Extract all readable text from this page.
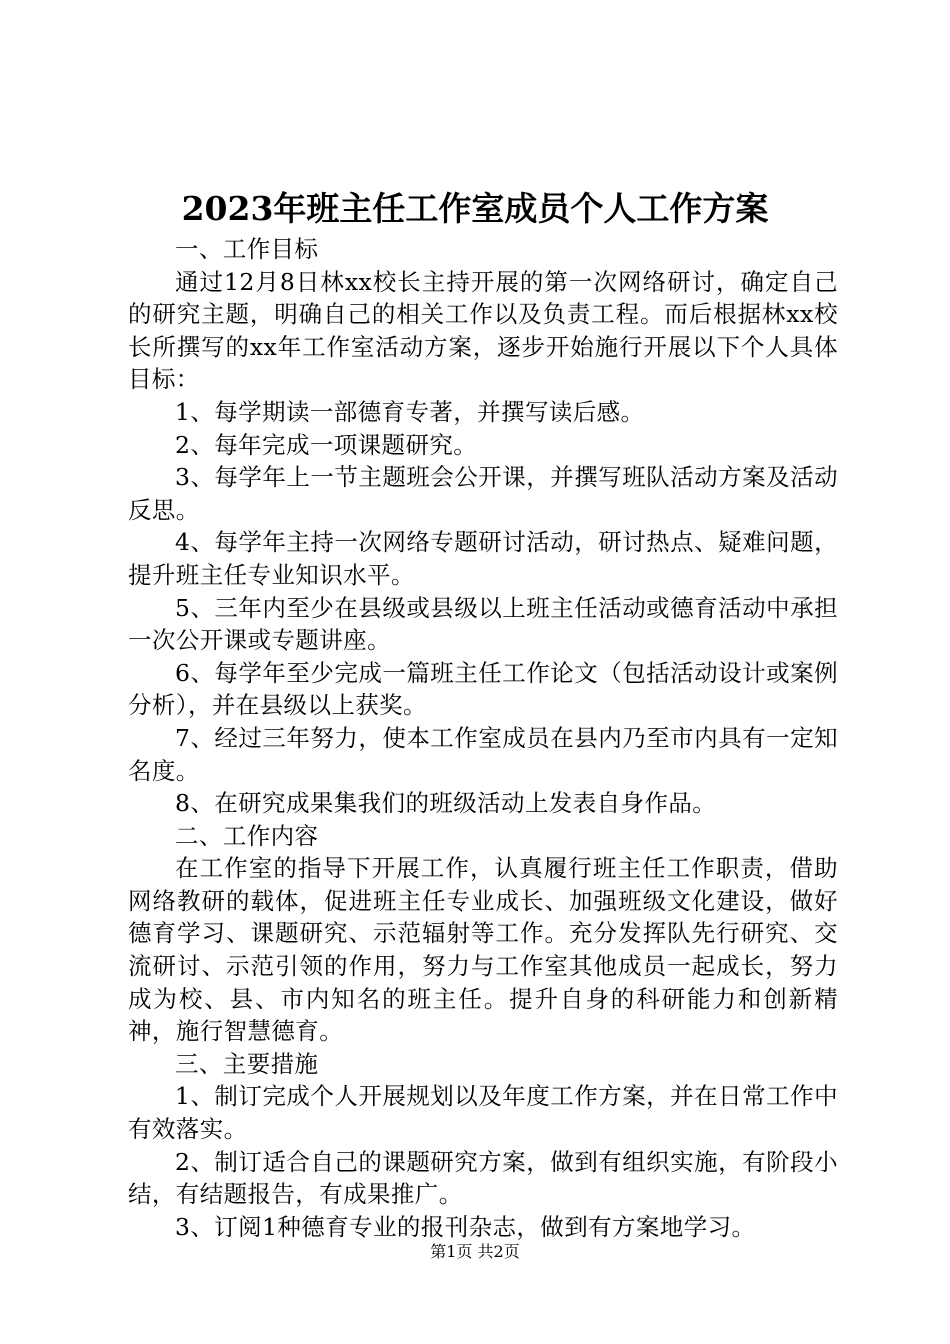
2023年班主任工作室成员个人工作方案

一、工作目标

通过12月8日林xx校长主持开展的第一次网络研讨，确定自己的研究主题，明确自己的相关工作以及负责工程。而后根据林xx校长所撰写的xx年工作室活动方案，逐步开始施行开展以下个人具体目标：

1、每学期读一部德育专著，并撰写读后感。

2、每年完成一项课题研究。

3、每学年上一节主题班会公开课，并撰写班队活动方案及活动反思。

4、每学年主持一次网络专题研讨活动，研讨热点、疑难问题，提升班主任专业知识水平。

5、三年内至少在县级或县级以上班主任活动或德育活动中承担一次公开课或专题讲座。

6、每学年至少完成一篇班主任工作论文（包括活动设计或案例分析），并在县级以上获奖。

7、经过三年努力，使本工作室成员在县内乃至市内具有一定知名度。

8、在研究成果集我们的班级活动上发表自身作品。

二、工作内容

在工作室的指导下开展工作，认真履行班主任工作职责，借助网络教研的载体，促进班主任专业成长、加强班级文化建设，做好德育学习、课题研究、示范辐射等工作。充分发挥队先行研究、交流研讨、示范引领的作用，努力与工作室其他成员一起成长，努力成为校、县、市内知名的班主任。提升自身的科研能力和创新精神，施行智慧德育。

三、主要措施

1、制订完成个人开展规划以及年度工作方案，并在日常工作中有效落实。

2、制订适合自己的课题研究方案，做到有组织实施，有阶段小结，有结题报告，有成果推广。

3、订阅1种德育专业的报刊杂志，做到有方案地学习。

第1页 共2页
